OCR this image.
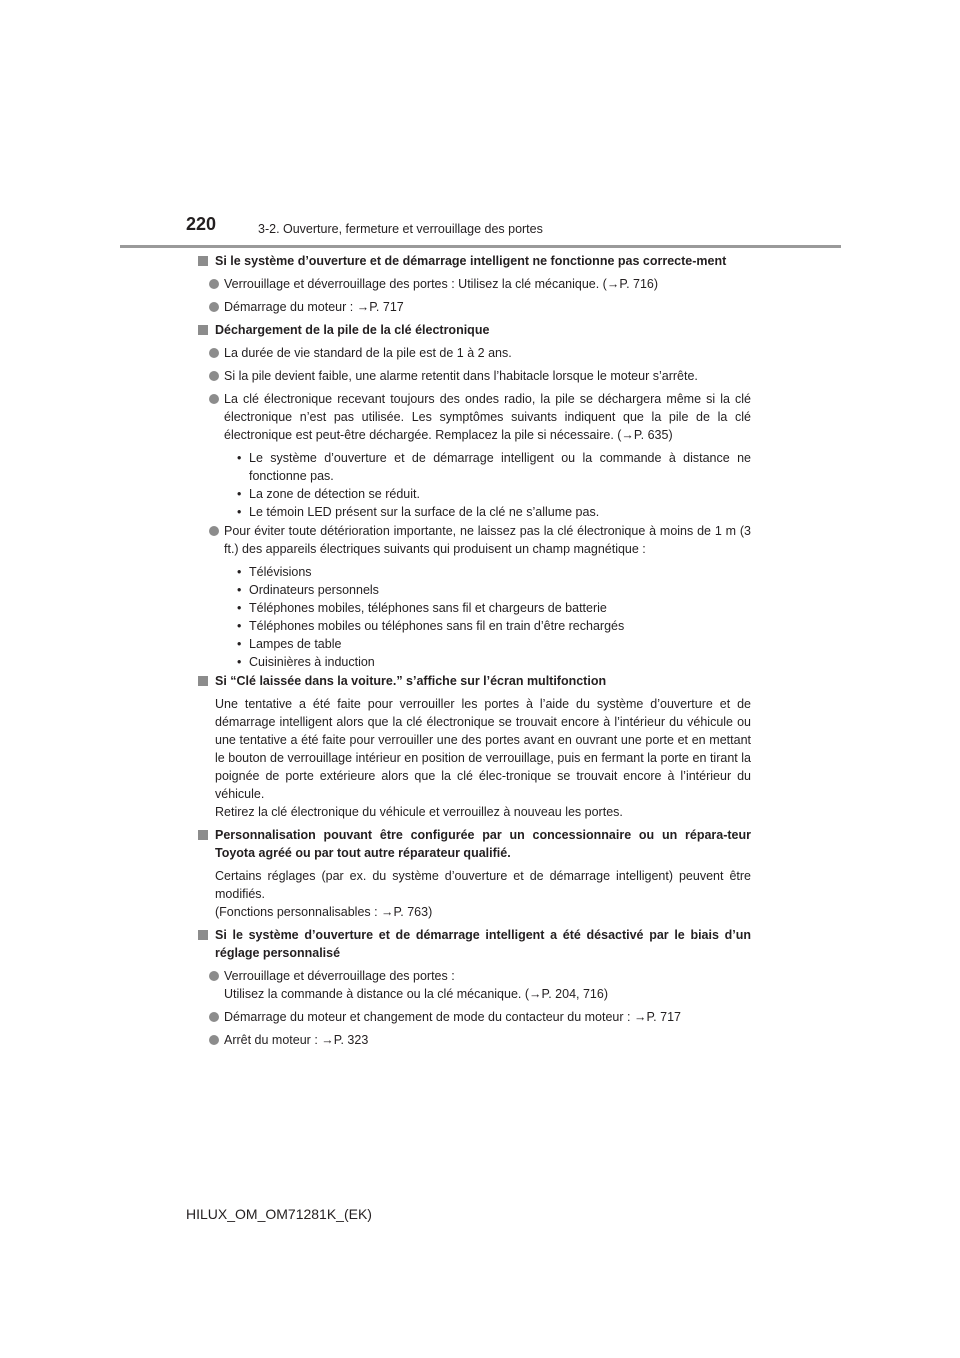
220	3-2. Ouverture, fermeture et verrouillage des portes
Si le système d’ouverture et de démarrage intelligent ne fonctionne pas correcte-ment
Verrouillage et déverrouillage des portes : Utilisez la clé mécanique. (→P. 716)
Démarrage du moteur : →P. 717
Déchargement de la pile de la clé électronique
La durée de vie standard de la pile est de 1 à 2 ans.
Si la pile devient faible, une alarme retentit dans l’habitacle lorsque le moteur s’arrête.
La clé électronique recevant toujours des ondes radio, la pile se déchargera même si la clé électronique n’est pas utilisée. Les symptômes suivants indiquent que la pile de la clé électronique est peut-être déchargée. Remplacez la pile si nécessaire. (→P. 635)
• Le système d’ouverture et de démarrage intelligent ou la commande à distance ne fonctionne pas.
• La zone de détection se réduit.
• Le témoin LED présent sur la surface de la clé ne s’allume pas.
Pour éviter toute détérioration importante, ne laissez pas la clé électronique à moins de 1 m (3 ft.) des appareils électriques suivants qui produisent un champ magnétique :
• Télévisions
• Ordinateurs personnels
• Téléphones mobiles, téléphones sans fil et chargeurs de batterie
• Téléphones mobiles ou téléphones sans fil en train d’être rechargés
• Lampes de table
• Cuisinières à induction
Si “Clé laissée dans la voiture.” s’affiche sur l’écran multifonction
Une tentative a été faite pour verrouiller les portes à l’aide du système d’ouverture et de démarrage intelligent alors que la clé électronique se trouvait encore à l’intérieur du véhicule ou une tentative a été faite pour verrouiller une des portes avant en ouvrant une porte et en mettant le bouton de verrouillage intérieur en position de verrouillage, puis en fermant la porte en tirant la poignée de porte extérieure alors que la clé élec-tronique se trouvait encore à l’intérieur du véhicule.
Retirez la clé électronique du véhicule et verrouillez à nouveau les portes.
Personnalisation pouvant être configurée par un concessionnaire ou un répara-teur Toyota agréé ou par tout autre réparateur qualifié.
Certains réglages (par ex. du système d’ouverture et de démarrage intelligent) peuvent être modifiés.
(Fonctions personnalisables : →P. 763)
Si le système d’ouverture et de démarrage intelligent a été désactivé par le biais d’un réglage personnalisé
Verrouillage et déverrouillage des portes :
Utilisez la commande à distance ou la clé mécanique. (→P. 204, 716)
Démarrage du moteur et changement de mode du contacteur du moteur : →P. 717
Arrêt du moteur : →P. 323
HILUX_OM_OM71281K_(EK)
